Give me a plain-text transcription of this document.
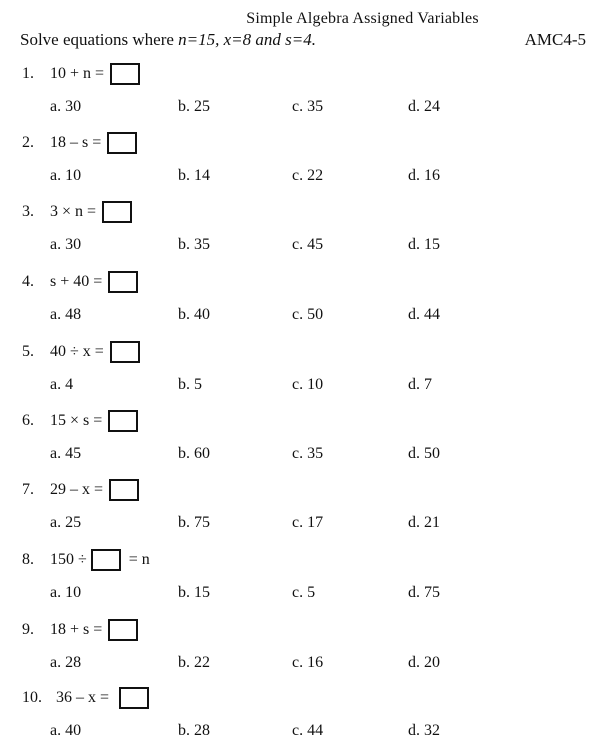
Simple Algebra Assigned Variables
Solve equations where n=15, x=8 and s=4.	AMC4-5
1. 10 + n =
a. 30	b. 25	c. 35	d. 24
2. 18 – s =
a. 10	b. 14	c. 22	d. 16
3. 3 × n =
a. 30	b. 35	c. 45	d. 15
4. s + 40 =
a. 48	b. 40	c. 50	d. 44
5. 40 ÷ x =
a. 4	b. 5	c. 10	d. 7
6. 15 × s =
a. 45	b. 60	c. 35	d. 50
7. 29 – x =
a. 25	b. 75	c. 17	d. 21
8. 150 ÷ = n
a. 10	b. 15	c. 5	d. 75
9. 18 + s =
a. 28	b. 22	c. 16	d. 20
10. 36 – x =
a. 40	b. 28	c. 44	d. 32
